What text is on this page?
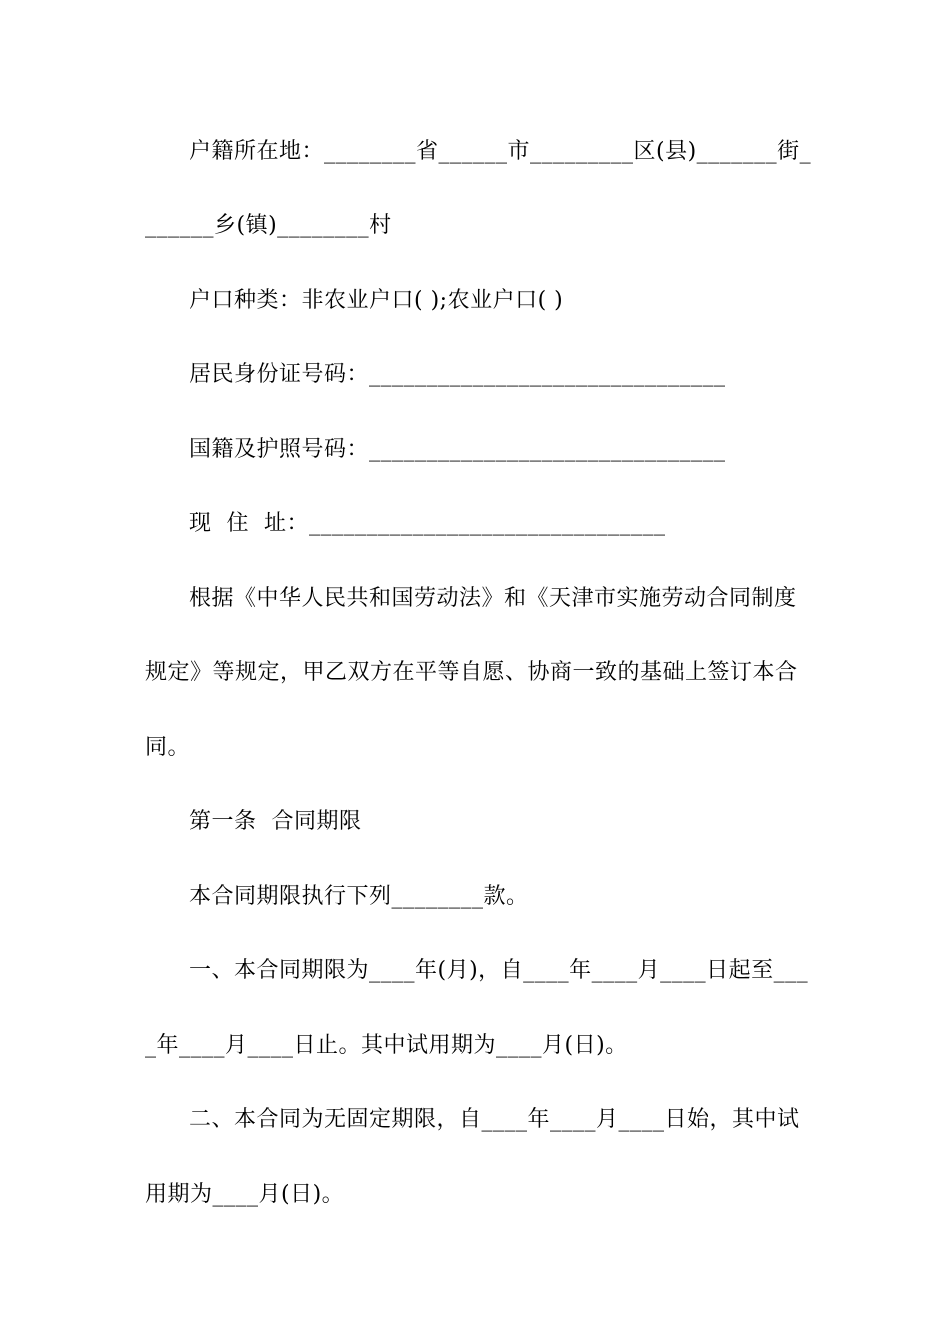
户籍所在地：________省______市_________区(县)_______街_
______乡(镇)________村
户口种类：非农业户口( );农业户口( )
居民身份证号码：_______________________________
国籍及护照号码：_______________________________
现  住  址：_______________________________
根据《中华人民共和国劳动法》和《天津市实施劳动合同制度
规定》等规定，甲乙双方在平等自愿、协商一致的基础上签订本合
同。
第一条  合同期限
本合同期限执行下列________款。
一、本合同期限为____年(月)，自____年____月____日起至___
_年____月____日止。其中试用期为____月(日)。
二、本合同为无固定期限，自____年____月____日始，其中试
用期为____月(日)。
